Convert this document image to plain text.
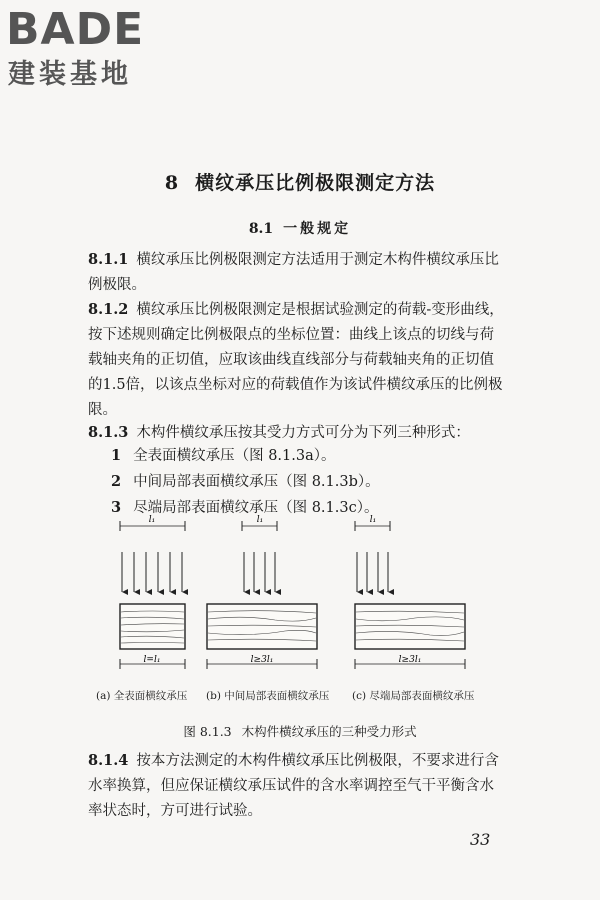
BADE
建装基地
8 横纹承压比例极限测定方法
8.1 一般规定

8.1.1 横纹承压比例极限测定方法适用于测定木构件横纹承压比例极限。

8.1.2 横纹承压比例极限测定是根据试验测定的荷载-变形曲线，按下述规则确定比例极限点的坐标位置：曲线上该点的切线与荷载轴夹角的正切值，应取该曲线直线部分与荷载轴夹角的正切值的1.5倍，以该点坐标对应的荷载值作为该试件横纹承压的比例极限。

8.1.3 木构件横纹承压按其受力方式可分为下列三种形式：

1 全表面横纹承压（图 8.1.3a）。
2 中间局部表面横纹承压（图 8.1.3b）。
3 尽端局部表面横纹承压（图 8.1.3c）。
l₁
l=l₁
l₁
l≥3l₁
l₁
l≥3l₁
(a) 全表面横纹承压 (b) 中间局部表面横纹承压 (c) 尽端局部表面横纹承压
图 8.1.3 木构件横纹承压的三种受力形式

8.1.4 按本方法测定的木构件横纹承压比例极限，不要求进行含水率换算，但应保证横纹承压试件的含水率调控至气干平衡含水率状态时，方可进行试验。

33
